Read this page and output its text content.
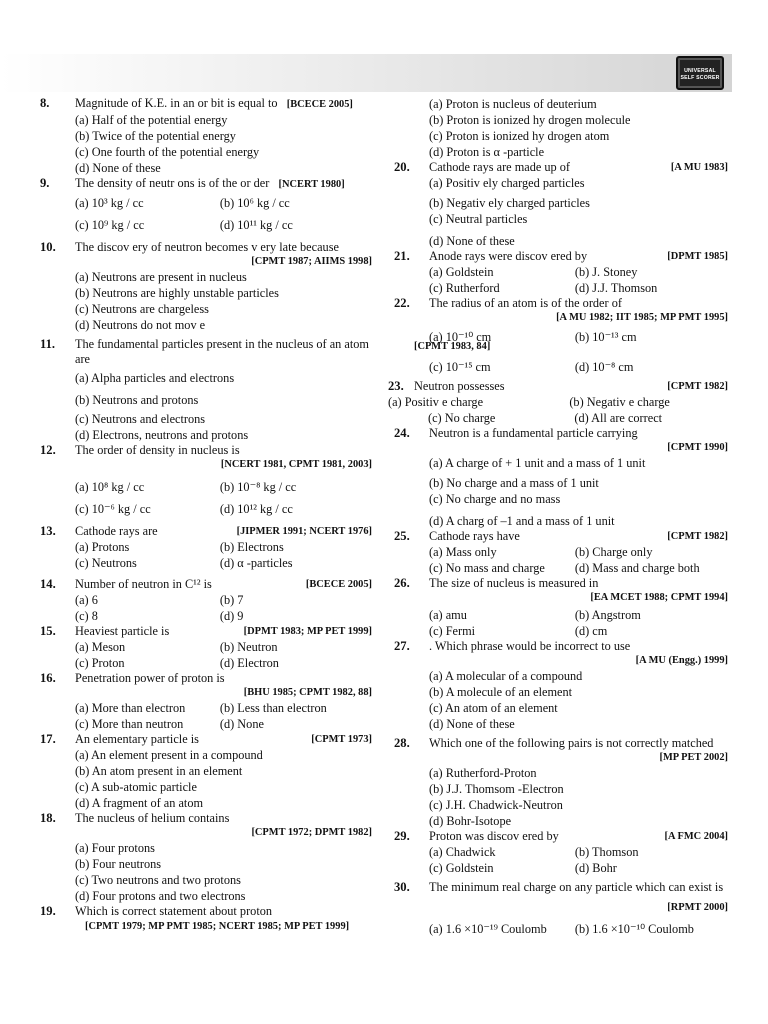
UNIVERSAL
SELF SCORER
8.	Magnitude of K.E. in an or bit is equal to [BCECE 2005]
(a) Half of the potential energy
(b) Twice of the potential energy
(c) One fourth of the potential energy
(d) None of these
9.	The density of neutr ons is of the or der [NCERT 1980]
(a) 10³ kg / cc	(b) 10⁶ kg / cc
(c) 10⁹ kg / cc	(d) 10¹¹ kg / cc
10.	The discov ery of neutron becomes v ery late because
[CPMT 1987; AIIMS 1998]
(a) Neutrons are present in nucleus
(b) Neutrons are highly unstable particles
(c) Neutrons are chargeless
(d) Neutrons do not mov e
11.	The fundamental particles present in the nucleus of an atom are
(a) Alpha particles and electrons
(b) Neutrons and protons
(c) Neutrons and electrons
(d) Electrons, neutrons and protons
12.	The order of density in nucleus is
[NCERT 1981, CPMT 1981, 2003]
(a) 10⁸ kg / cc	(b) 10⁻⁸ kg / cc
(c) 10⁻⁶ kg / cc	(d) 10¹² kg / cc
13.	Cathode rays are	[JIPMER 1991; NCERT 1976]
(a) Protons	(b) Electrons
(c) Neutrons	(d) α -particles
14.	Number of neutron in C¹² is	[BCECE 2005]
(a) 6	(b) 7
(c) 8	(d) 9
15.	Heaviest particle is	[DPMT 1983; MP PET 1999]
(a) Meson	(b) Neutron
(c) Proton	(d) Electron
16.	Penetration power of proton is
[BHU 1985; CPMT 1982, 88]
(a) More than electron	(b) Less than electron
(c) More than neutron	(d) None
17.	An elementary particle is	[CPMT 1973]
(a) An element present in a compound
(b) An atom present in an element
(c) A sub-atomic particle
(d) A fragment of an atom
18.	The nucleus of helium contains
[CPMT 1972; DPMT 1982]
(a) Four protons
(b) Four neutrons
(c) Two neutrons and two protons
(d) Four protons and two electrons
19.	Which is correct statement about proton
[CPMT 1979; MP PMT 1985; NCERT 1985; MP PET 1999]
(a) Proton is nucleus of deuterium
(b) Proton is ionized hy drogen molecule
(c) Proton is ionized hy drogen atom
(d) Proton is α -particle
20.	Cathode rays are made up of	[A MU 1983]
(a) Positiv ely charged particles
(b) Negativ ely charged particles
(c) Neutral particles
(d) None of these
21.	Anode rays were discov ered by	[DPMT 1985]
(a) Goldstein	(b) J. Stoney
(c) Rutherford	(d) J.J. Thomson
22.	The radius of an atom is of the order of
[A MU 1982; IIT 1985; MP PMT 1995]
(a) 10⁻¹⁰ cm	(b) 10⁻¹³ cm
[CPMT 1983, 84]
(c) 10⁻¹⁵ cm	(d) 10⁻⁸ cm
23. Neutron possesses	[CPMT 1982]
(a) Positiv e charge	(b) Negativ e charge
(c) No charge	(d) All are correct
24.	Neutron is a fundamental particle carrying
[CPMT 1990]
(a) A charge of + 1 unit and a mass of 1 unit
(b) No charge and a mass of 1 unit
(c) No charge and no mass
(d) A charg of –1 and a mass of 1 unit
25.	Cathode rays have	[CPMT 1982]
(a) Mass only	(b) Charge only
(c) No mass and charge	(d) Mass and charge both
26.	The size of nucleus is measured in
[EA MCET 1988; CPMT 1994]
(a) amu	(b) Angstrom
(c) Fermi	(d) cm
27.	. Which phrase would be incorrect to use
[A MU (Engg.) 1999]
(a) A molecular of a compound
(b) A molecule of an element
(c) An atom of an element
(d) None of these
28.	Which one of the following pairs is not correctly matched
[MP PET 2002]
(a) Rutherford-Proton
(b) J.J. Thomsom -Electron
(c) J.H. Chadwick-Neutron
(d) Bohr-Isotope
29.	Proton was discov ered by	[A FMC 2004]
(a) Chadwick	(b) Thomson
(c) Goldstein	(d) Bohr
30.	The minimum real charge on any particle which can exist is
[RPMT 2000]
(a) 1.6 ×10⁻¹⁹ Coulomb	(b) 1.6 ×10⁻¹⁰ Coulomb
